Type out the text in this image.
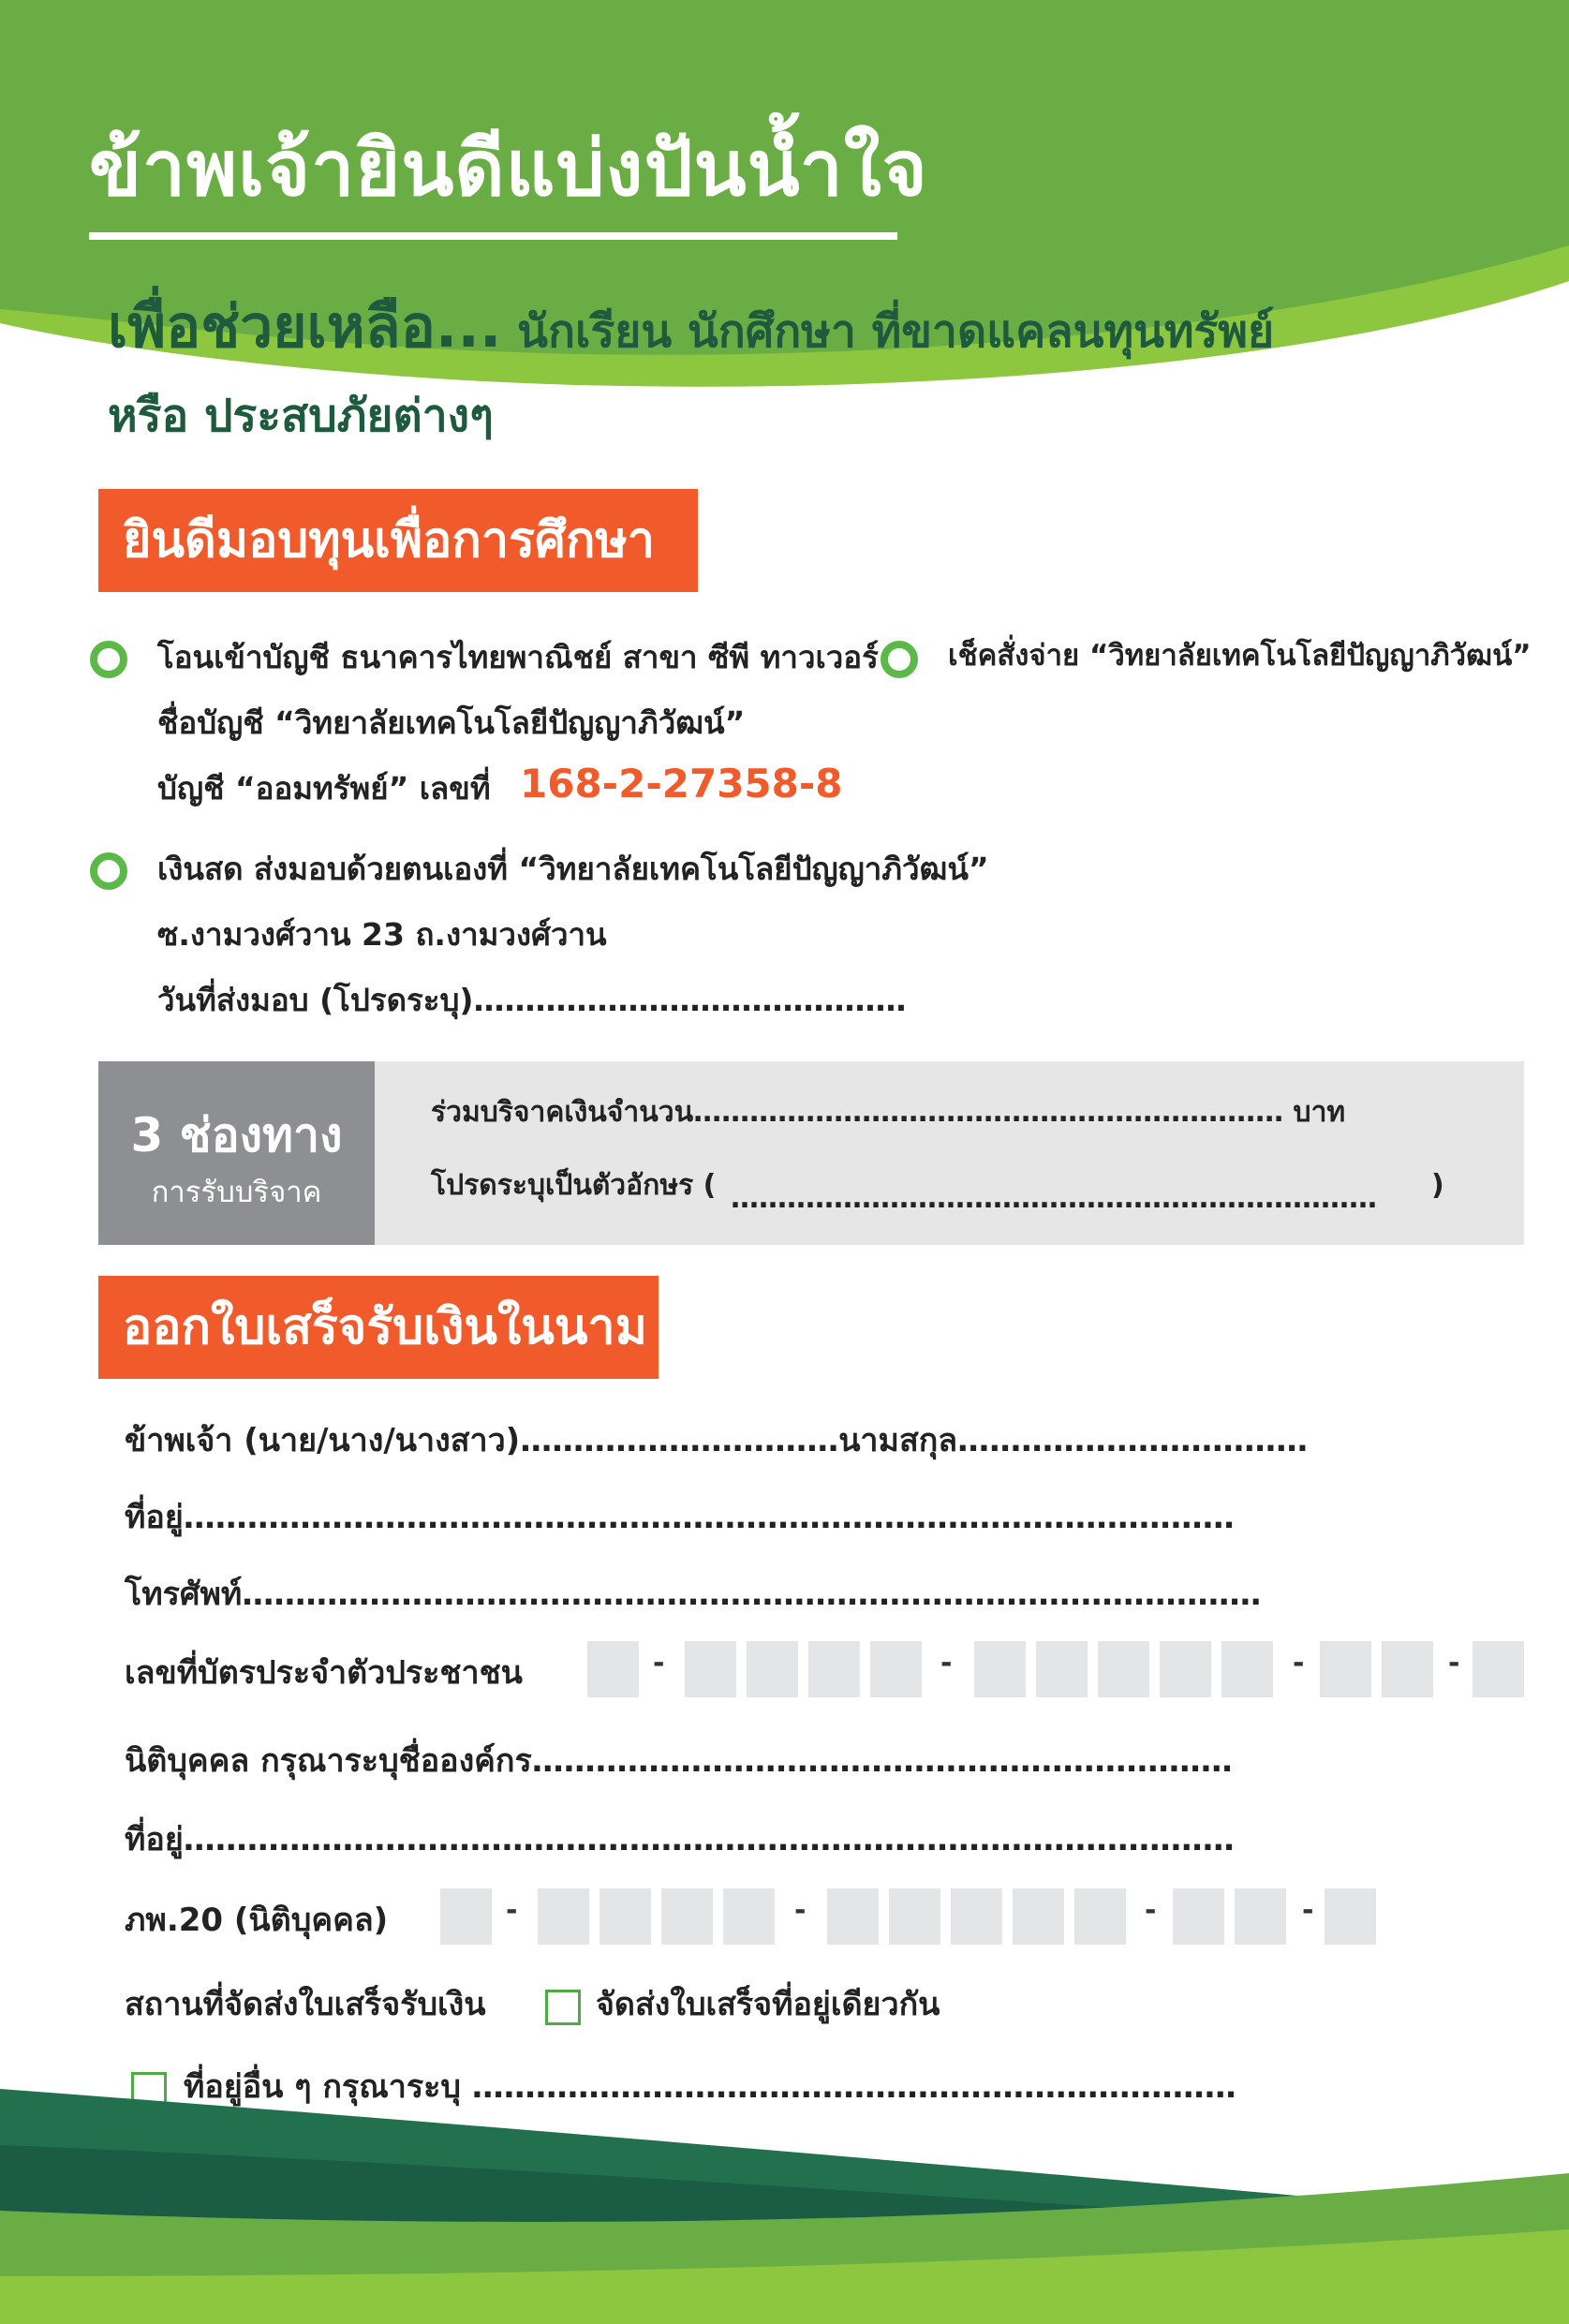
ข้าพเจ้ายินดีแบ่งปันน้ำใจ
เพื่อช่วยเหลือ... นักเรียน นักศึกษา ที่ขาดแคลนทุนทรัพย์
หรือ ประสบภัยต่างๆ
ยินดีมอบทุนเพื่อการศึกษา
โอนเข้าบัญชี ธนาคารไทยพาณิชย์ สาขา ซีพี ทาวเวอร์
ชื่อบัญชี “วิทยาลัยเทคโนโลยีปัญญาภิวัฒน์”
บัญชี “ออมทรัพย์” เลขที่ 168-2-27358-8
เช็คสั่งจ่าย “วิทยาลัยเทคโนโลยีปัญญาภิวัฒน์”
เงินสด ส่งมอบด้วยตนเองที่ “วิทยาลัยเทคโนโลยีปัญญาภิวัฒน์”
ซ.งามวงศ์วาน 23 ถ.งามวงศ์วาน
วันที่ส่งมอบ (โปรดระบุ)……………………………………
3 ช่องทาง
การรับบริจาค
ร่วมบริจาคเงินจำนวน……………………………………………………… บาท
โปรดระบุเป็นตัวอักษร ( …………………………………………………………… )
ออกใบเสร็จรับเงินในนาม
ข้าพเจ้า (นาย/นาง/นางสาว)…………………………นามสกุล……………………………
ที่อยู่………………………………………………………………………………………
โทรศัพท์……………………………………………………………………………………
เลขที่บัตรประจำตัวประชาชน	-	-	-	-
นิติบุคคล กรุณาระบุชื่อองค์กร…………………………………………………………
ที่อยู่………………………………………………………………………………………
ภพ.20 (นิติบุคคล)	-	-	-	-
สถานที่จัดส่งใบเสร็จรับเงิน	จัดส่งใบเสร็จที่อยู่เดียวกัน
ที่อยู่อื่น ๆ กรุณาระบุ ………………………………………………………………
